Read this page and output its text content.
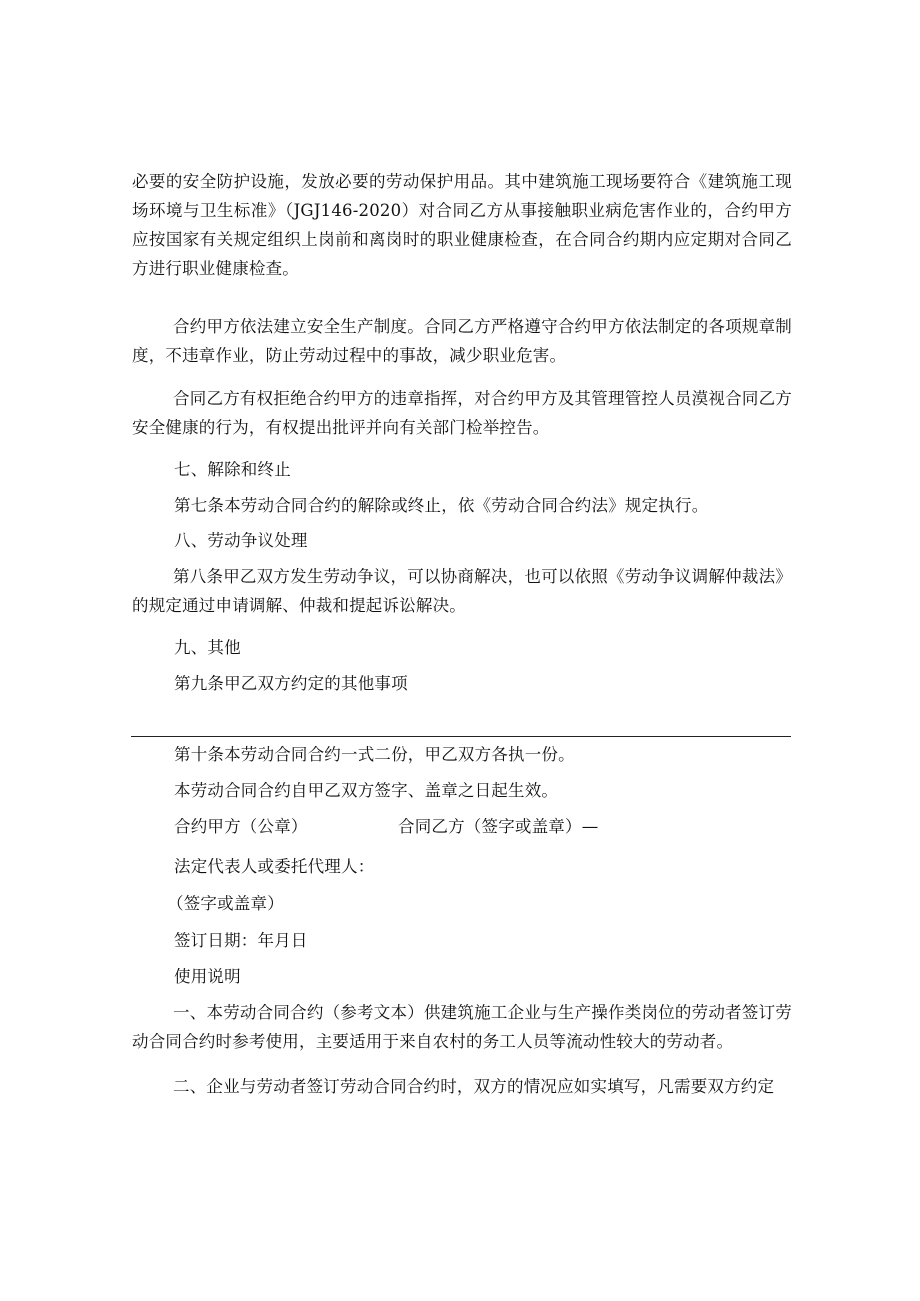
必要的安全防护设施，发放必要的劳动保护用品。其中建筑施工现场要符合《建筑施工现场环境与卫生标准》（JGJ146-2020）对合同乙方从事接触职业病危害作业的，合约甲方应按国家有关规定组织上岗前和离岗时的职业健康检查，在合同合约期内应定期对合同乙方进行职业健康检查。
合约甲方依法建立安全生产制度。合同乙方严格遵守合约甲方依法制定的各项规章制度，不违章作业，防止劳动过程中的事故，减少职业危害。
合同乙方有权拒绝合约甲方的违章指挥，对合约甲方及其管理管控人员漠视合同乙方安全健康的行为，有权提出批评并向有关部门检举控告。
七、解除和终止
第七条本劳动合同合约的解除或终止，依《劳动合同合约法》规定执行。
八、劳动争议处理
第八条甲乙双方发生劳动争议，可以协商解决，也可以依照《劳动争议调解仲裁法》的规定通过申请调解、仲裁和提起诉讼解决。
九、其他
第九条甲乙双方约定的其他事项
第十条本劳动合同合约一式二份，甲乙双方各执一份。
本劳动合同合约自甲乙双方签字、盖章之日起生效。
合约甲方（公章）	合同乙方（签字或盖章）—
法定代表人或委托代理人：
（签字或盖章）
签订日期：年月日
使用说明
一、本劳动合同合约（参考文本）供建筑施工企业与生产操作类岗位的劳动者签订劳动合同合约时参考使用，主要适用于来自农村的务工人员等流动性较大的劳动者。
二、企业与劳动者签订劳动合同合约时，双方的情况应如实填写，凡需要双方约定
